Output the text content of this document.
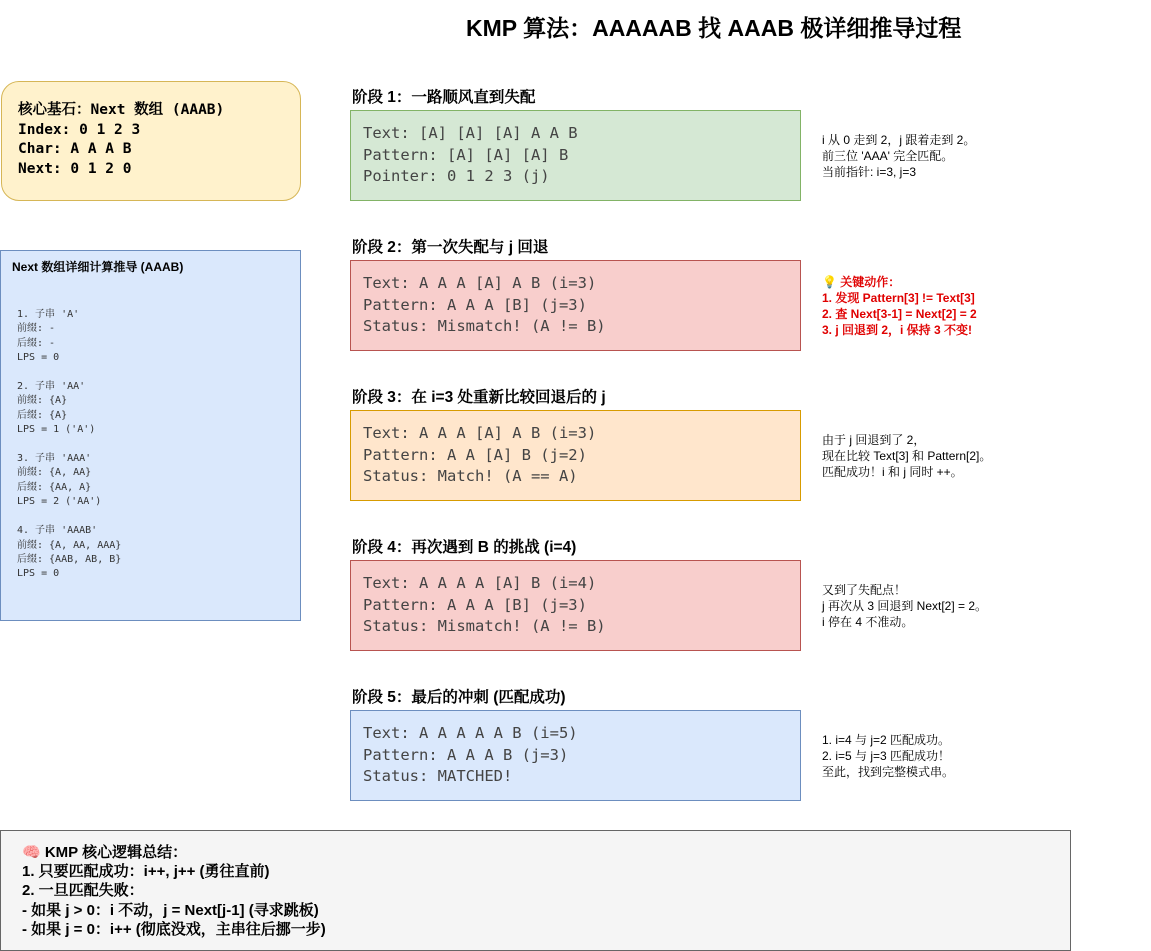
KMP 算法：AAAAAB 找 AAAB 极详细推导过程
核心基石：Next 数组 (AAAB)
Index: 0 1 2 3
Char: A A A B
Next: 0 1 2 0
Next 数组详细计算推导 (AAAB)
1. 子串 'A'
前缀: -
后缀: -
LPS = 0

2. 子串 'AA'
前缀: {A}
后缀: {A}
LPS = 1 ('A')

3. 子串 'AAA'
前缀: {A, AA}
后缀: {AA, A}
LPS = 2 ('AA')

4. 子串 'AAAB'
前缀: {A, AA, AAA}
后缀: {AAB, AB, B}
LPS = 0
阶段 1：一路顺风直到失配
Text: [A] [A] [A] A A B
Pattern: [A] [A] [A] B
Pointer: 0 1 2 3 (j)
i 从 0 走到 2，j 跟着走到 2。
前三位 'AAA' 完全匹配。
当前指针: i=3, j=3
阶段 2：第一次失配与 j 回退
Text: A A A [A] A B (i=3)
Pattern: A A A [B] (j=3)
Status: Mismatch! (A != B)
💡 关键动作：
1. 发现 Pattern[3] != Text[3]
2. 查 Next[3-1] = Next[2] = 2
3. j 回退到 2，i 保持 3 不变!
阶段 3：在 i=3 处重新比较回退后的 j
Text: A A A [A] A B (i=3)
Pattern: A A [A] B (j=2)
Status: Match! (A == A)
由于 j 回退到了 2，
现在比较 Text[3] 和 Pattern[2]。
匹配成功！i 和 j 同时 ++。
阶段 4：再次遇到 B 的挑战 (i=4)
Text: A A A A [A] B (i=4)
Pattern: A A A [B] (j=3)
Status: Mismatch! (A != B)
又到了失配点！
j 再次从 3 回退到 Next[2] = 2。
i 停在 4 不准动。
阶段 5：最后的冲刺 (匹配成功)
Text: A A A A A B (i=5)
Pattern: A A A B (j=3)
Status: MATCHED!
1. i=4 与 j=2 匹配成功。
2. i=5 与 j=3 匹配成功！
至此，找到完整模式串。
🧠 KMP 核心逻辑总结：
1. 只要匹配成功：i++, j++ (勇往直前)
2. 一旦匹配失败：
- 如果 j > 0：i 不动，j = Next[j-1] (寻求跳板)
- 如果 j = 0：i++ (彻底没戏，主串往后挪一步)
